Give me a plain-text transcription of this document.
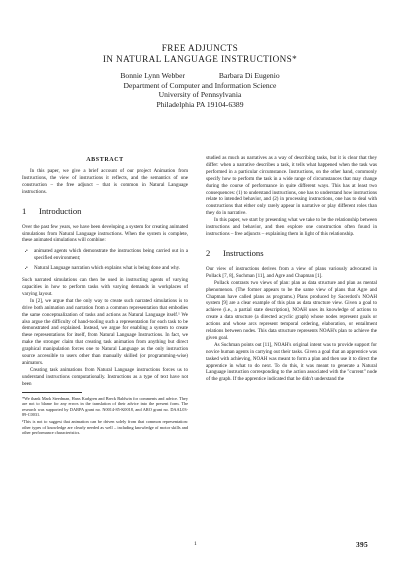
FREE ADJUNCTS
IN NATURAL LANGUAGE INSTRUCTIONS*
Bonnie Lynn Webber	Barbara Di Eugenio
Department of Computer and Information Science
University of Pennsylvania
Philadelphia PA 19104-6389
ABSTRACT

In this paper, we give a brief account of our project Animation from Instructions, the view of instructions it reflects, and the semantics of one construction – the free adjunct – that is common in Natural Language instructions.

1 Introduction

Over the past few years, we have been developing a system for creating animated simulations from Natural Language instructions. When the system is complete, these animated simulations will combine:

• • animated agents which demonstrate the instructions being carried out in a specified environment;
• • Natural Language narration which explains what is being done and why.

Such narrated simulations can then be used in instructing agents of varying capacities in how to perform tasks with varying demands in workplaces of varying layout.

In [2], we argue that the only way to create such narrated simulations is to drive both animation and narration from a common representation that embodies the same conceptualization of tasks and actions as Natural Language itself.¹ We also argue the difficulty of hand-tooling such a representation for each task to be demonstrated and explained. Instead, we argue for enabling a system to create these representations for itself, from Natural Language Instructions. In fact, we make the stronger claim that creating task animation from anything but direct graphical manipulation forces one to Natural Language as the only instruction source accessible to users other than manually skilled (or programming-wise) animators.

Creating task animations from Natural Language instructions forces us to understand instructions computationally. Instructions as a type of text have not been

*We thank Mark Steedman, Hans Karlgren and Breck Baldwin for comments and advice. They are not to blame for any errors in the translation of their advice into the present form. The research was supported by DARPA grant no. N0014-85-K0018, and ARO grant no. DAAL03-89-C0031.
¹This is not to suggest that animation can be driven solely from that common representation: other types of knowledge are clearly needed as well – including knowledge of motor skills and other performance characteristics.

studied as much as narratives as a way of describing tasks, but it is clear that they differ: when a narrative describes a task, it tells what happened when the task was performed in a particular circumstance. Instructions, on the other hand, commonly specify how to perform the task in a wide range of circumstances that may change during the course of performance in quite different ways. This has at least two consequences: (1) to understand instructions, one has to understand how instructions relate to intended behavior, and (2) in processing instructions, one has to deal with constructions that either only rarely appear in narrative or play different roles than they do in narrative.

In this paper, we start by presenting what we take to be the relationship between instructions and behavior, and then explore one construction often found in instructions – free adjuncts – explaining them in light of this relationship.

2 Instructions

Our view of instructions derives from a view of plans variously advocated in Pollack [7, 8], Suchman [11], and Agre and Chapman [1].

Pollack contrasts two views of plan: plan as data structure and plan as mental phenomenon. (The former appears to be the same view of plans that Agre and Chapman have called plans as programs.) Plans produced by Sacerdoti's NOAH system [9] are a clear example of this plan as data structure view. Given a goal to achieve (i.e., a partial state description), NOAH uses its knowledge of actions to create a data structure (a directed acyclic graph) whose nodes represent goals or actions and whose arcs represent temporal ordering, elaboration, or entailment relations between nodes. This data structure represents NOAH's plan to achieve the given goal.

As Suchman points out [11], NOAH's original intent was to provide support for novice human agents in carrying out their tasks. Given a goal that an apprentice was tasked with achieving, NOAH was meant to form a plan and then use it to direct the apprentice in what to do next. To do this, it was meant to generate a Natural Language instruction corresponding to the action associated with the "current" node of the graph. If the apprentice indicated that he didn't understand the

1	395
